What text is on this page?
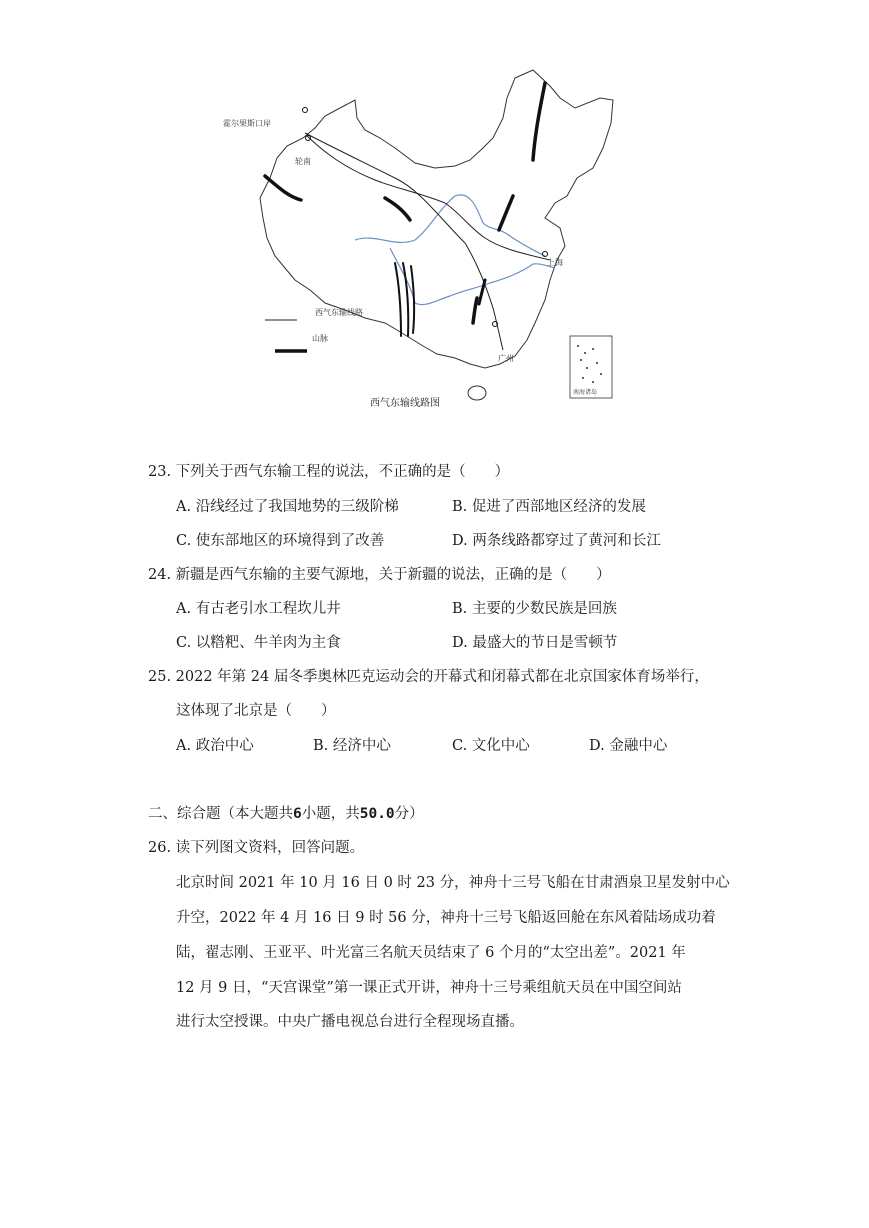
霍尔果斯口岸
轮南
上海
广州
西气东输线路
山脉
南海诸岛
西气东输线路图
23. 下列关于西气东输工程的说法，不正确的是（　　）
A. 沿线经过了我国地势的三级阶梯	B. 促进了西部地区经济的发展
C. 使东部地区的环境得到了改善	D. 两条线路都穿过了黄河和长江
24. 新疆是西气东输的主要气源地，关于新疆的说法，正确的是（　　）
A. 有古老引水工程坎儿井	B. 主要的少数民族是回族
C. 以糌粑、牛羊肉为主食	D. 最盛大的节日是雪顿节
25. 2022 年第 24 届冬季奥林匹克运动会的开幕式和闭幕式都在北京国家体育场举行，
这体现了北京是（　　）
A. 政治中心	B. 经济中心	C. 文化中心	D. 金融中心
二、综合题（本大题共6小题，共50.0分）
26. 读下列图文资料，回答问题。
北京时间 2021 年 10 月 16 日 0 时 23 分，神舟十三号飞船在甘肃酒泉卫星发射中心
升空，2022 年 4 月 16 日 9 时 56 分，神舟十三号飞船返回舱在东风着陆场成功着
陆，翟志刚、王亚平、叶光富三名航天员结束了 6 个月的“太空出差”。2021 年
12 月 9 日，“天宫课堂”第一课正式开讲，神舟十三号乘组航天员在中国空间站
进行太空授课。中央广播电视总台进行全程现场直播。
